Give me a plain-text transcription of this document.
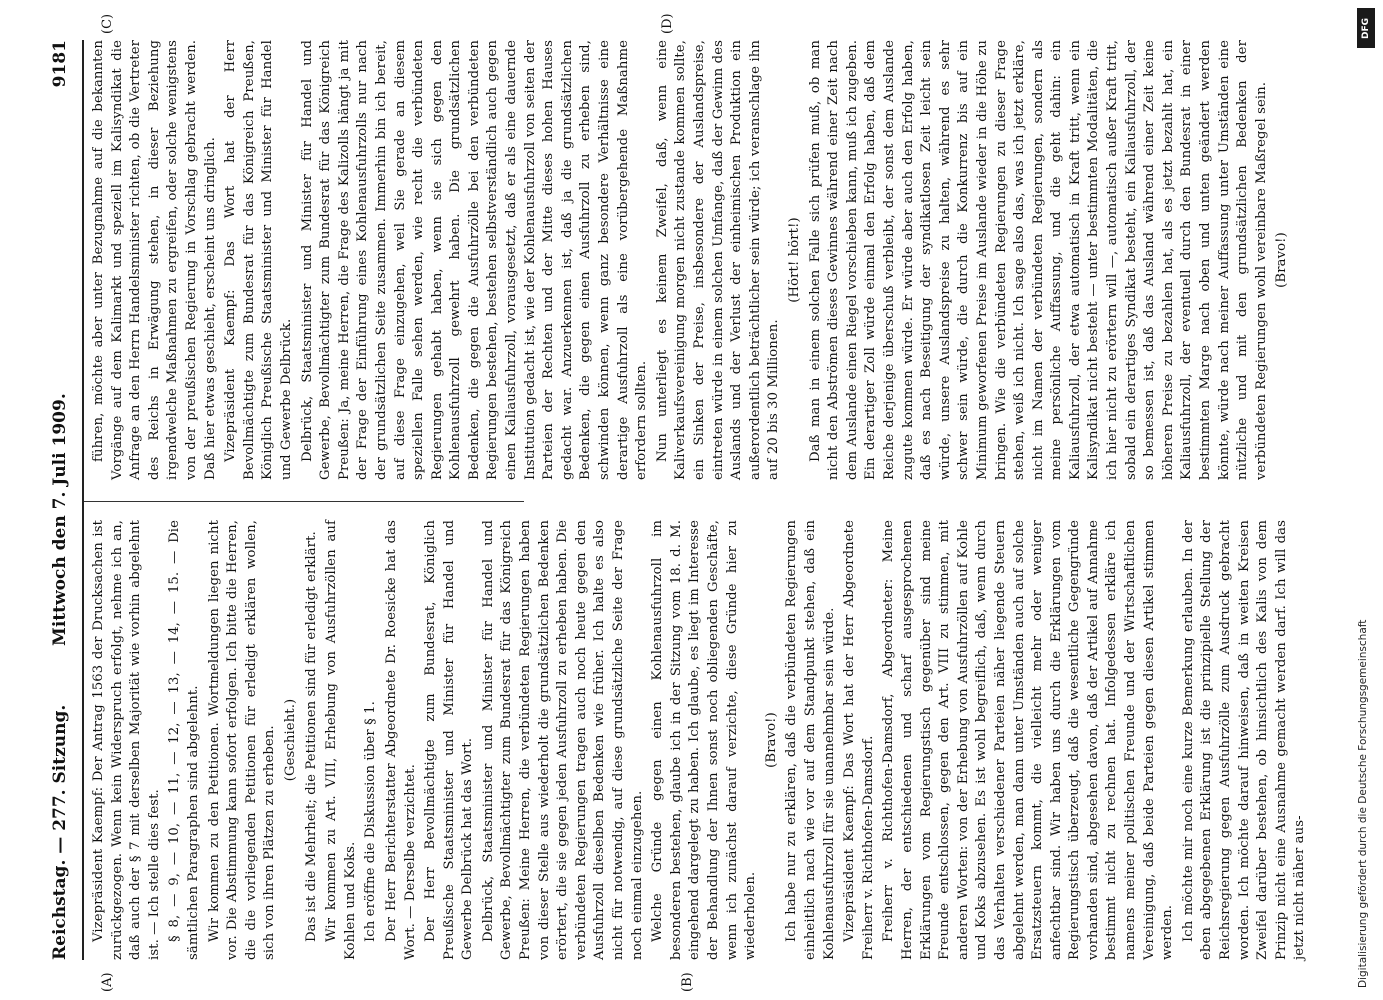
Reichstag. — 277. Sitzung.
Mittwoch den 7. Juli 1909. 9181
(A)	(B)
(C)	(D)

Vizepräsident Kaempf: Der Antrag 1563 der Drucksachen ist zurückgezogen. Wenn kein Widerspruch erfolgt, nehme ich an, daß auch der § 7 mit derselben Majorität wie vorhin abgelehnt ist. — Ich stelle dies fest. § 8, — 9, — 10, — 11, — 12, — 13, — 14, — 15. — Die sämtlichen Paragraphen sind abgelehnt. Wir kommen zu den Petitionen. Wortmeldungen liegen nicht vor. Die Abstimmung kann sofort erfolgen. Ich bitte die Herren, die die vorliegenden Petitionen für erledigt erklären wollen, sich von ihren Plätzen zu erheben. (Geschieht.) Das ist die Mehrheit; die Petitionen sind für erledigt erklärt. Wir kommen zu Art. VIII, Erhebung von Ausfuhrzöllen auf Kohlen und Koks. Ich eröffne die Diskussion über § 1. Der Herr Berichterstatter Abgeordnete Dr. Roesicke hat das Wort. — Derselbe verzichtet. Der Herr Bevollmächtigte zum Bundesrat, Königlich Preußische Staatsminister und Minister für Handel und Gewerbe Delbrück hat das Wort. Delbrück, Staatsminister und Minister für Handel und Gewerbe, Bevollmächtigter zum Bundesrat für das Königreich Preußen: Meine Herren, die verbündeten Regierungen haben von dieser Stelle aus wiederholt die grundsätzlichen Bedenken erörtert, die sie gegen jeden Ausfuhrzoll zu erheben haben. Die verbündeten Regierungen tragen auch noch heute gegen den Ausfuhrzoll dieselben Bedenken wie früher. Ich halte es also nicht für notwendig, auf diese grundsätzliche Seite der Frage noch einmal einzugehen. Welche Gründe gegen einen Kohlenausfuhrzoll im besonderen bestehen, glaube ich in der Sitzung vom 18. d. M. eingehend dargelegt zu haben. Ich glaube, es liegt im Interesse der Behandlung der Ihnen sonst noch obliegenden Geschäfte, wenn ich zunächst darauf verzichte, diese Gründe hier zu wiederholen.

(Bravo!) Ich habe nur zu erklären, daß die verbündeten Regierungen einheitlich nach wie vor auf dem Standpunkt stehen, daß ein Kohlenausfuhrzoll für sie unannehmbar sein würde. Vizepräsident Kaempf: Das Wort hat der Herr Abgeordnete Freiherr v. Richthofen-Damsdorf. Freiherr v. Richthofen-Damsdorf, Abgeordneter: Meine Herren, der entschiedenen und scharf ausgesprochenen Erklärungen vom Regierungstisch gegenüber sind meine Freunde entschlossen, gegen den Art. VIII zu stimmen, mit anderen Worten: von der Erhebung von Ausfuhrzöllen auf Kohle und Koks abzusehen. Es ist wohl begreiflich, daß, wenn durch das Verhalten verschiedener Parteien näher liegende Steuern abgelehnt werden, man dann unter Umständen auch auf solche Ersatzsteuern kommt, die vielleicht mehr oder weniger anfechtbar sind. Wir haben uns durch die Erklärungen vom Regierungstisch überzeugt, daß die wesentliche Gegengründe vorhanden sind, abgesehen davon, daß der Artikel auf Annahme bestimmt nicht zu rechnen hat. Infolgedessen erkläre ich namens meiner politischen Freunde und der Wirtschaftlichen Vereinigung, daß beide Parteien gegen diesen Artikel stimmen werden. Ich möchte mir noch eine kurze Bemerkung erlauben. In der eben abgegebenen Erklärung ist die prinzipielle Stellung der Reichsregierung gegen Ausfuhrzölle zum Ausdruck gebracht worden. Ich möchte darauf hinweisen, daß in weiten Kreisen Zweifel darüber bestehen, ob hinsichtlich des Kalis von dem Prinzip nicht eine Ausnahme gemacht werden darf. Ich will das jetzt nicht näher aus-

führen, möchte aber unter Bezugnahme auf die bekannten Vorgänge auf dem Kalimarkt und speziell im Kalisyndikat die Anfrage an den Herrn Handelsminister richten, ob die Vertreter des Reichs in Erwägung stehen, in dieser Beziehung irgendwelche Maßnahmen zu ergreifen, oder solche wenigstens von der preußischen Regierung in Vorschlag gebracht werden. Daß hier etwas geschieht, erscheint uns dringlich. Vizepräsident Kaempf: Das Wort hat der Herr Bevollmächtigte zum Bundesrat für das Königreich Preußen, Königlich Preußische Staatsminister und Minister für Handel und Gewerbe Delbrück. Delbrück, Staatsminister und Minister für Handel und Gewerbe, Bevollmächtigter zum Bundesrat für das Königreich Preußen: Ja, meine Herren, die Frage des Kalizolls hängt ja mit der Frage der Einführung eines Kohlenausfuhrzolls nur nach der grundsätzlichen Seite zusammen. Immerhin bin ich bereit, auf diese Frage einzugehen, weil Sie gerade an diesem speziellen Falle sehen werden, wie recht die verbündeten Regierungen gehabt haben, wenn sie sich gegen den Kohlenausfuhrzoll gewehrt haben. Die grundsätzlichen Bedenken, die gegen die Ausfuhrzölle bei den verbündeten Regierungen bestehen, bestehen selbstverständlich auch gegen einen Kaliausfuhrzoll, vorausgesetzt, daß er als eine dauernde Institution gedacht ist, wie der Kohlenausfuhrzoll von seiten der Parteien der Rechten und der Mitte dieses hohen Hauses gedacht war. Anzuerkennen ist, daß ja die grundsätzlichen Bedenken, die gegen einen Ausfuhrzoll zu erheben sind, schwinden können, wenn ganz besondere Verhältnisse eine derartige Ausfuhrzoll als eine vorübergehende Maßnahme erfordern sollten. Nun unterliegt es keinem Zweifel, daß, wenn eine Kaliverkaufsvereinigung morgen nicht zustande kommen sollte, ein Sinken der Preise, insbesondere der Auslandspreise, eintreten würde in einem solchen Umfange, daß der Gewinn des Auslands und der Verlust der einheimischen Produktion ein außerordentlich beträchtlicher sein würde; ich veranschlage ihn auf 20 bis 30 Millionen.

(Hört! hört!) Daß man in einem solchen Falle sich prüfen muß, ob man nicht den Abströmen dieses Gewinnes während einer Zeit nach dem Auslande einen Riegel vorschieben kann, muß ich zugeben. Ein derartiger Zoll würde einmal den Erfolg haben, daß dem Reiche derjenige überschuß verbleibt, der sonst dem Auslande zugute kommen würde. Er würde aber auch den Erfolg haben, daß es nach Beseitigung der syndikatlosen Zeit leicht sein würde, unsere Auslandspreise zu halten, während es sehr schwer sein würde, die durch die Konkurrenz bis auf ein Minimum geworfenen Preise im Auslande wieder in die Höhe zu bringen. Wie die verbündeten Regierungen zu dieser Frage stehen, weiß ich nicht. Ich sage also das, was ich jetzt erkläre, nicht im Namen der verbündeten Regierungen, sondern als meine persönliche Auffassung, und die geht dahin: ein Kaliausfuhrzoll, der etwa automatisch in Kraft tritt, wenn ein Kalisyndikat nicht besteht — unter bestimmten Modalitäten, die ich hier nicht zu erörtern will —, automatisch außer Kraft tritt, sobald ein derartiges Syndikat besteht, ein Kaliausfuhrzoll, der so bemessen ist, daß das Ausland während einer Zeit keine höheren Preise zu bezahlen hat, als es jetzt bezahlt hat, ein Kaliausfuhrzoll, der eventuell durch den Bundesrat in einer bestimmten Marge nach oben und unten geändert werden könnte, würde nach meiner Auffassung unter Umständen eine nützliche und mit den grundsätzlichen Bedenken der verbündeten Regierungen wohl vereinbare Maßregel sein. (Bravo!)

DFG
Digitalisierung gefördert durch die Deutsche Forschungsgemeinschaft
